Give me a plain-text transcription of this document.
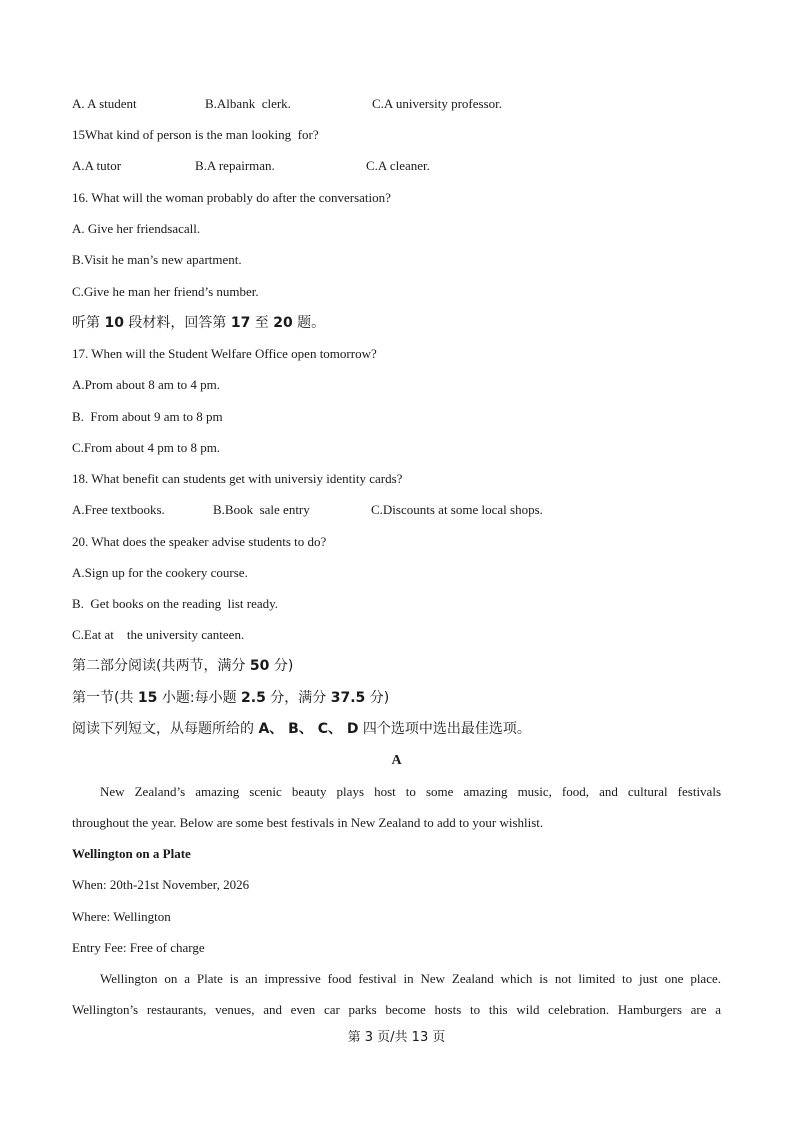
A. A student

	B.Albank  clerk.

	C.A university professor.

15What kind of person is the man looking  for?

A.A tutor

	B.A repairman.

	C.A cleaner.

16. What will the woman probably do after the conversation?
A. Give her friendsacall.
B.Visit he man’s new apartment.
C.Give he man her friend’s number.
听第 10 段材料，回答第 17 至 20 题。
17. When will the Student Welfare Office open tomorrow?
A.Prom about 8 am to 4 pm.
B.  From about 9 am to 8 pm
C.From about 4 pm to 8 pm.
18. What benefit can students get with universiy identity cards?

A.Free textbooks.

	B.Book  sale entry

	C.Discounts at some local shops.

20. What does the speaker advise students to do?
A.Sign up for the cookery course.
B.  Get books on the reading  list ready.
C.Eat at    the university canteen.
第二部分阅读(共两节，满分 50 分)
第一节(共 15 小题:每小题 2.5 分，满分 37.5 分)
阅读下列短文，从每题所给的 A、 B、 C、 D 四个选项中选出最佳选项。
A
New Zealand’s amazing scenic beauty plays host to some amazing music, food, and cultural festivals
throughout the year. Below are some best festivals in New Zealand to add to your wishlist.
Wellington on a Plate
When: 20th-21st November, 2026
Where: Wellington
Entry Fee: Free of charge
Wellington on a Plate is an impressive food festival in New Zealand which is not limited to just one place.
Wellington’s restaurants, venues, and even car parks become hosts to this wild celebration. Hamburgers are a
第 3 页/共 13 页
